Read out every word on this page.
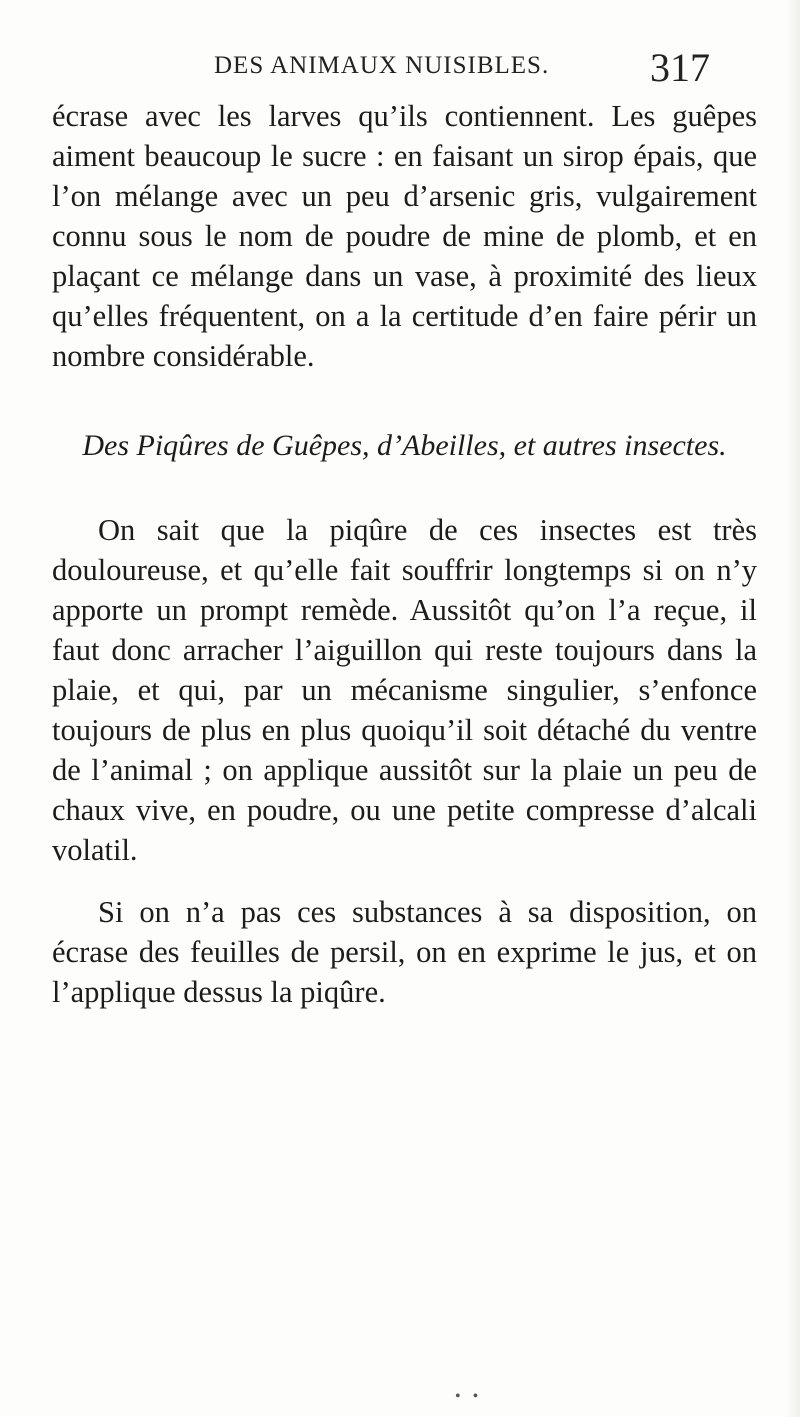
DES ANIMAUX NUISIBLES.	317

écrase avec les larves qu’ils contiennent. Les guêpes aiment beaucoup le sucre : en faisant un sirop épais, que l’on mélange avec un peu d’arsenic gris, vulgairement connu sous le nom de poudre de mine de plomb, et en plaçant ce mélange dans un vase, à proximité des lieux qu’elles fréquentent, on a la certitude d’en faire périr un nombre considérable.

Des Piqûres de Guêpes, d’Abeilles, et autres insectes.

On sait que la piqûre de ces insectes est très douloureuse, et qu’elle fait souffrir longtemps si on n’y apporte un prompt remède. Aussitôt qu’on l’a reçue, il faut donc arracher l’aiguillon qui reste toujours dans la plaie, et qui, par un mécanisme singulier, s’enfonce toujours de plus en plus quoiqu’il soit détaché du ventre de l’animal ; on applique aussitôt sur la plaie un peu de chaux vive, en poudre, ou une petite compresse d’alcali volatil.

Si on n’a pas ces substances à sa disposition, on écrase des feuilles de persil, on en exprime le jus, et on l’applique dessus la piqûre.

• •
